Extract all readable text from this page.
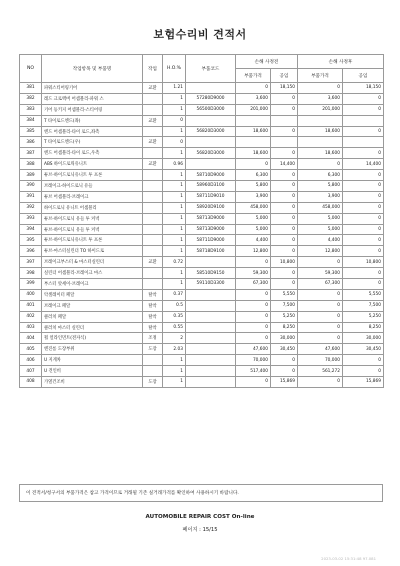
보험수리비 견적서
NO	작업항목 및 부품명	작업	H.O.%	부품코드	손해 사정전		손해 사정후	
					부품가격	공임	부품가격	공임
381	파워스티어링기어	교환	1.21		0	18,150	0	18,150
382	레드 크로맥버 어셈블리-파워 스		1	57280D9000	3,600	0	3,600	0
383	기어 등키지 어셈블리-스티어링		1	56500D3000	201,000	0	201,000	0
384	T 타이로드엔드(좌)	교환	0					
385	엔드 어셈블리-타이 로드,좌측		1	56820D3000	18,600	0	18,600	0
386	T 타이로드엔드(우)	교환	0					
387	엔드 어셈블리-타이 로드,우측		1	56820D3000	18,600	0	18,600	0
388	ABS 하이드로릭유니트	교환	0.96		0	14,400	0	14,400
389	튜브-하이드로닉유니트 투 프론		1	58710D9000	6,300	0	6,300	0
390	브레이크-하이드로닉 유들		1	58960D3100	5,800	0	5,800	0
391	튜브 어셈블리-브레이크		1	58711D9010	3,900	0	3,900	0
392	하이드로닉 유니트 어셈블리		1	58920D9100	458,000	0	458,000	0
393	튜브-하이드로닉 유들 투 커넥		1	58713D9000	5,000	0	5,000	0
394	튜브-하이드로닉 유들 투 커넥		1	58713D9000	5,000	0	5,000	0
395	튜브-하이드로닉유니트 투 프론		1	58711D9000	4,400	0	4,400	0
396	튜브-마스터실린더 TO 하이드로		1	58718D9100	12,800	0	12,800	0
397	브레이크부스터 & 마스터실린더	교환	0.72		0	10,800	0	10,800
398	실린더 어셈블리-브레이크 마스		1	58510D9150	59,300	0	59,300	0
399	부스터 앗세이-브레이크		1	59110D3300	67,300	0	67,300	0
400	악셀레이터 페달	탈착	0.37		0	5,550	0	5,550
401	브레이크 페달	탈착	0.5		0	7,500	0	7,500
402	클러치 페달	탈착	0.35		0	5,250	0	5,250
403	클러치 마스터 실린더	탈착	0.55		0	8,250	0	8,250
404	휠 얼라인먼트(전자식)	조정	2		0	30,000	0	30,000
405	엔진룸 도장부위	도장	2.03		47,600	30,450	47,600	30,450
406	U 지게차		1		70,000	0	70,000	0
407	U 견인비		1		517,400	0	561,272	0
408	가열건조비	도장	1		0	15,869	0	15,869
이 견적서/청구서의 부품가격은 참고 가격이므로 거래될 기존 실거래가격를 확인하여 사용하시기 바랍니다.
AUTOMOBILE REPAIR COST On-line
페이지 : 15/15
2023-03-02 15:31:48 97.081
